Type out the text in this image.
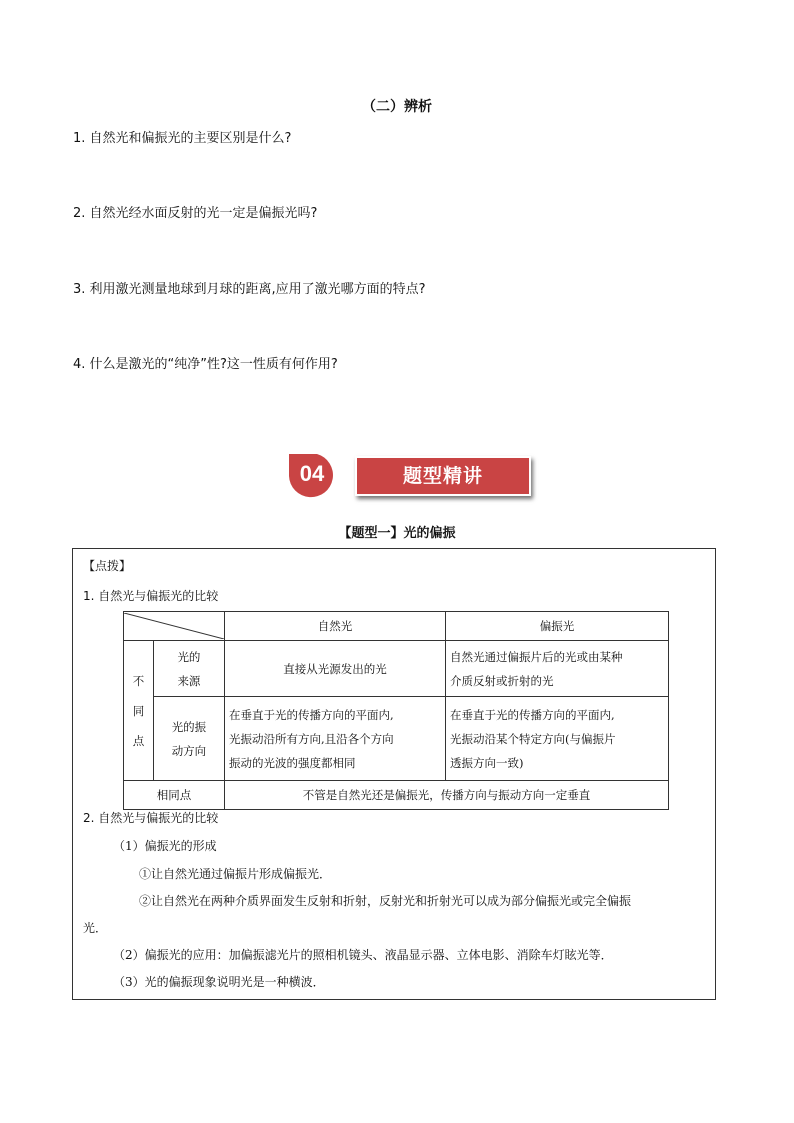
（二）辨析
1. 自然光和偏振光的主要区别是什么?
2. 自然光经水面反射的光一定是偏振光吗?
3. 利用激光测量地球到月球的距离,应用了激光哪方面的特点?
4. 什么是激光的“纯净”性?这一性质有何作用?
04	题型精讲
【题型一】光的偏振
【点拨】
1. 自然光与偏振光的比较
	自然光	偏振光
不
同
点	光的
来源	直接从光源发出的光	自然光通过偏振片后的光或由某种
介质反射或折射的光
	光的振
动方向	在垂直于光的传播方向的平面内,
光振动沿所有方向,且沿各个方向
振动的光波的强度都相同	在垂直于光的传播方向的平面内,
光振动沿某个特定方向(与偏振片
透振方向一致)
相同点		不管是自然光还是偏振光，传播方向与振动方向一定垂直	
2. 自然光与偏振光的比较
（1）偏振光的形成
①让自然光通过偏振片形成偏振光．
②让自然光在两种介质界面发生反射和折射，反射光和折射光可以成为部分偏振光或完全偏振
光．
（2）偏振光的应用：加偏振滤光片的照相机镜头、液晶显示器、立体电影、消除车灯眩光等．
（3）光的偏振现象说明光是一种横波．
